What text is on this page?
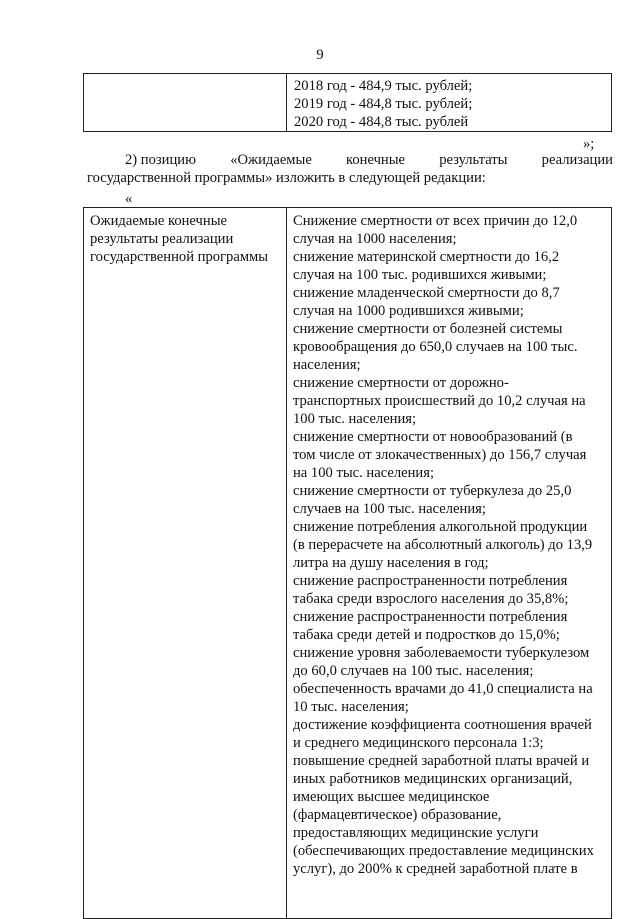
9
2018 год - 484,9 тыс. рублей;
2019 год - 484,8 тыс. рублей;
2020 год - 484,8 тыс. рублей
»;
2) позицию «Ожидаемые конечные результаты реализации
государственной программы» изложить в следующей редакции:
«
Ожидаемые конечные
результаты реализации
государственной программы
Снижение смертности от всех причин до 12,0
случая на 1000 населения;
снижение материнской смертности до 16,2
случая на 100 тыс. родившихся живыми;
снижение младенческой смертности до 8,7
случая на 1000 родившихся живыми;
снижение смертности от болезней системы
кровообращения до 650,0 случаев на 100 тыс.
населения;
снижение смертности от дорожно-
транспортных происшествий до 10,2 случая на
100 тыс. населения;
снижение смертности от новообразований (в
том числе от злокачественных) до 156,7 случая
на 100 тыс. населения;
снижение смертности от туберкулеза до 25,0
случаев на 100 тыс. населения;
снижение потребления алкогольной продукции
(в перерасчете на абсолютный алкоголь) до 13,9
литра на душу населения в год;
снижение распространенности потребления
табака среди взрослого населения до 35,8%;
снижение распространенности потребления
табака среди детей и подростков до 15,0%;
снижение уровня заболеваемости туберкулезом
до 60,0 случаев на 100 тыс. населения;
обеспеченность врачами до 41,0 специалиста на
10 тыс. населения;
достижение коэффициента соотношения врачей
и среднего медицинского персонала 1:3;
повышение средней заработной платы врачей и
иных работников медицинских организаций,
имеющих высшее медицинское
(фармацевтическое) образование,
предоставляющих медицинские услуги
(обеспечивающих предоставление медицинских
услуг), до 200% к средней заработной плате в
